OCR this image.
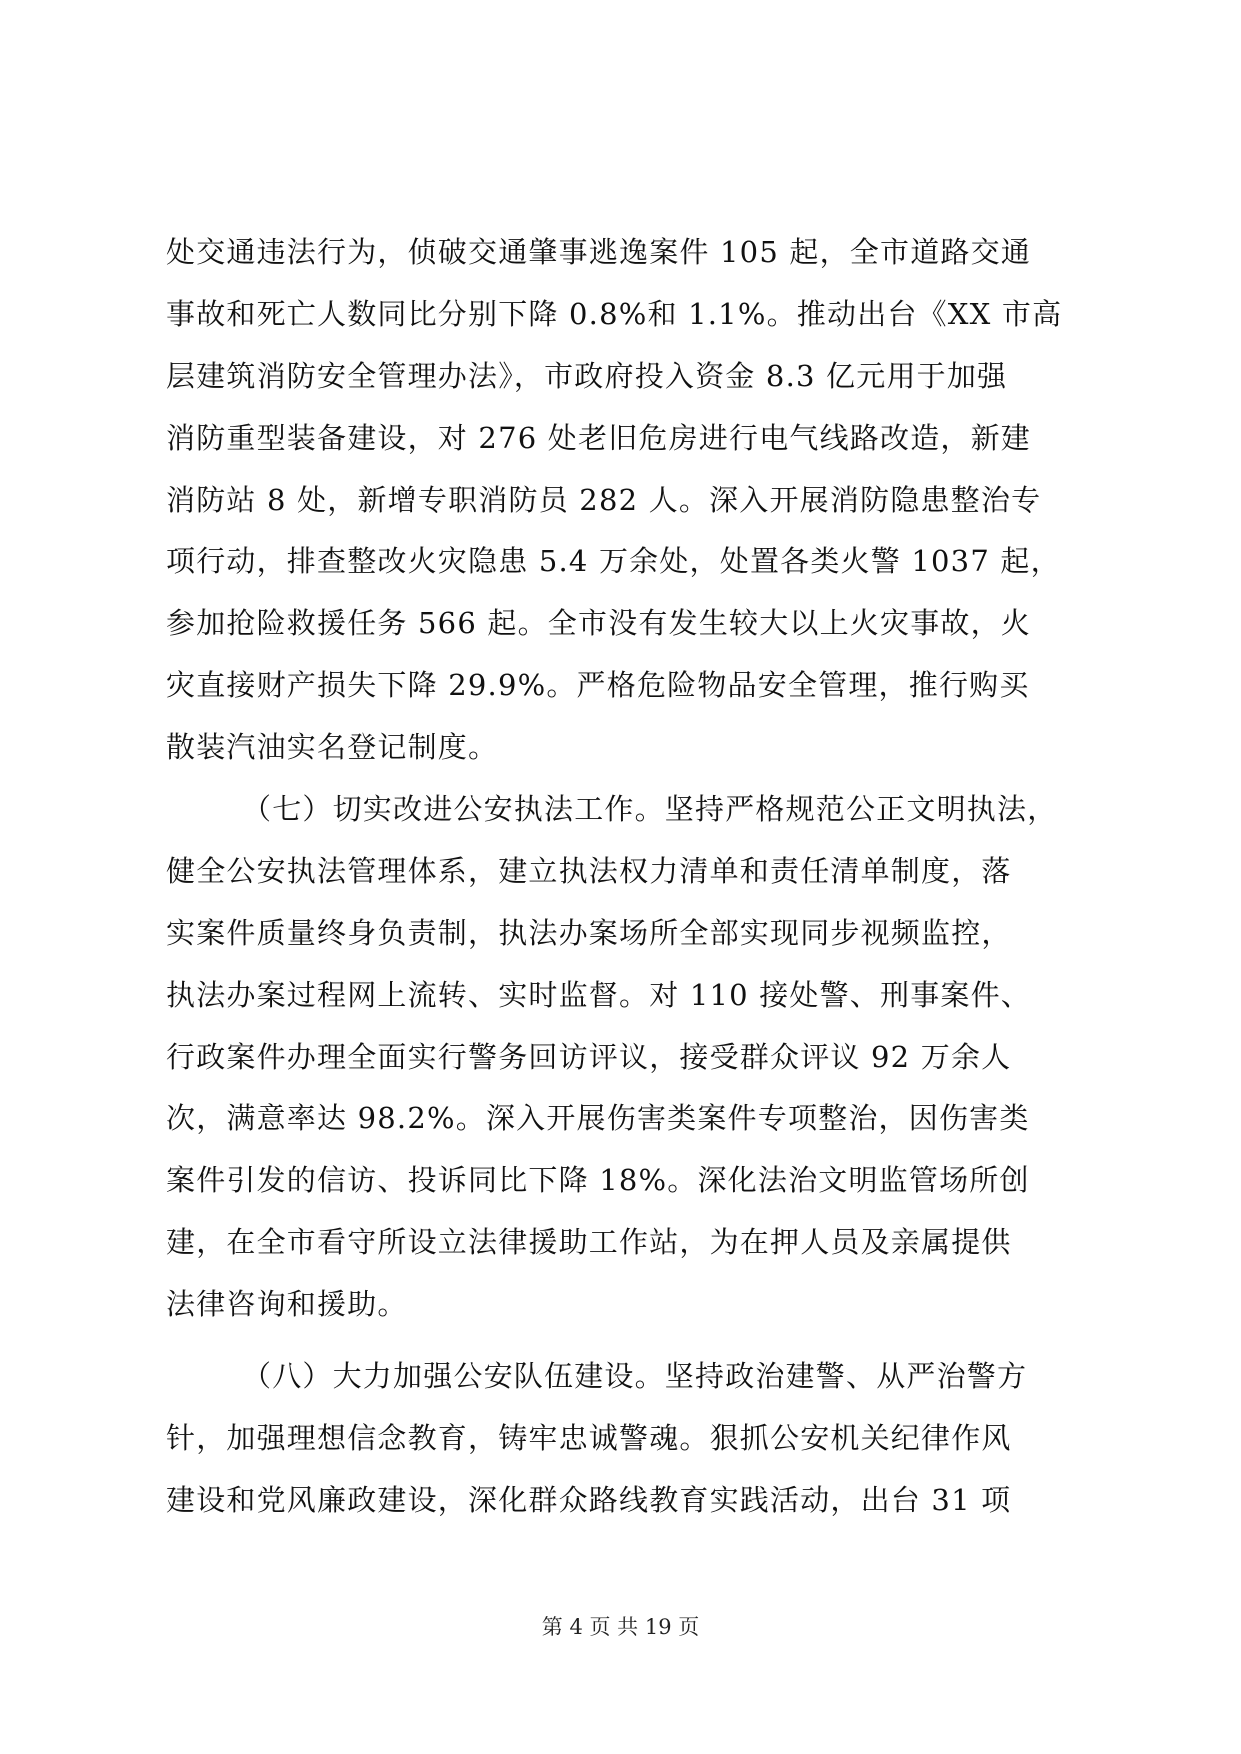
处交通违法行为，侦破交通肇事逃逸案件 105 起，全市道路交通
事故和死亡人数同比分别下降 0.8%和 1.1%。推动出台《XX 市高
层建筑消防安全管理办法》，市政府投入资金 8.3 亿元用于加强
消防重型装备建设，对 276 处老旧危房进行电气线路改造，新建
消防站 8 处，新增专职消防员 282 人。深入开展消防隐患整治专
项行动，排查整改火灾隐患 5.4 万余处，处置各类火警 1037 起，
参加抢险救援任务 566 起。全市没有发生较大以上火灾事故，火
灾直接财产损失下降 29.9%。严格危险物品安全管理，推行购买
散装汽油实名登记制度。
（七）切实改进公安执法工作。坚持严格规范公正文明执法，
健全公安执法管理体系，建立执法权力清单和责任清单制度，落
实案件质量终身负责制，执法办案场所全部实现同步视频监控，
执法办案过程网上流转、实时监督。对 110 接处警、刑事案件、
行政案件办理全面实行警务回访评议，接受群众评议 92 万余人
次，满意率达 98.2%。深入开展伤害类案件专项整治，因伤害类
案件引发的信访、投诉同比下降 18%。深化法治文明监管场所创
建，在全市看守所设立法律援助工作站，为在押人员及亲属提供
法律咨询和援助。
（八）大力加强公安队伍建设。坚持政治建警、从严治警方
针，加强理想信念教育，铸牢忠诚警魂。狠抓公安机关纪律作风
建设和党风廉政建设，深化群众路线教育实践活动，出台 31 项
第 4 页 共 19 页
